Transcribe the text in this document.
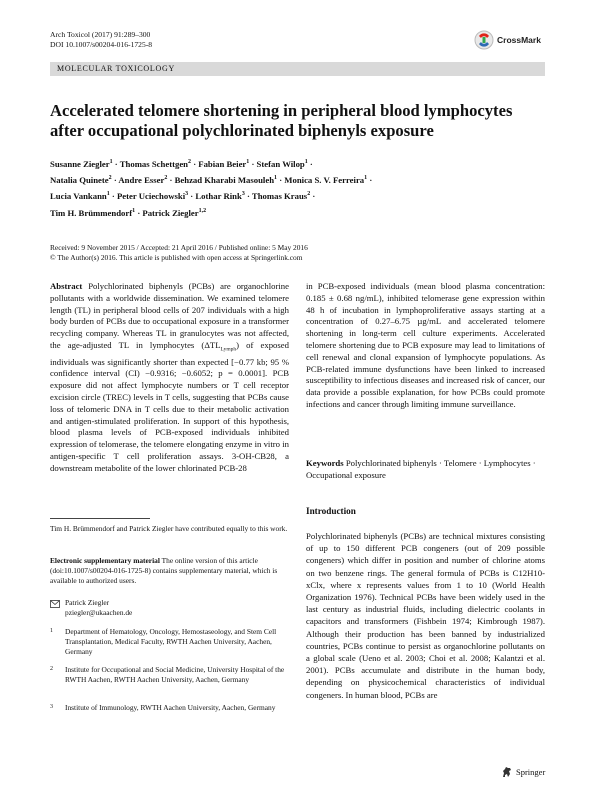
Arch Toxicol (2017) 91:289–300
DOI 10.1007/s00204-016-1725-8	CrossMark
MOLECULAR TOXICOLOGY
Accelerated telomere shortening in peripheral blood lymphocytes after occupational polychlorinated biphenyls exposure
Susanne Ziegler$^1$ · Thomas Schettgen$^2$ · Fabian Beier$^1$ · Stefan Wilop$^1$ ·
Natalia Quinete$^2$ · Andre Esser$^2$ · Behzad Kharabi Masouleh$^1$ · Monica S. V. Ferreira$^1$ ·
Lucia Vankann$^1$ · Peter Uciechowski$^3$ · Lothar Rink$^3$ · Thomas Kraus$^2$ ·
Tim H. Brümmendorf$^1$ · Patrick Ziegler$^{1,2}$
Received: 9 November 2015 / Accepted: 21 April 2016 / Published online: 5 May 2016
© The Author(s) 2016. This article is published with open access at Springerlink.com
Abstract Polychlorinated biphenyls (PCBs) are organochlorine pollutants with a worldwide dissemination. We examined telomere length (TL) in peripheral blood cells of 207 individuals with a high body burden of PCBs due to occupational exposure in a transformer recycling company. Whereas TL in granulocytes was not affected, the age-adjusted TL in lymphocytes $(\Delta TL_{Lymph})$ of exposed individuals was significantly shorter than expected [−0.77 kb; 95 % confidence interval (CI) −0.9316; −0.6052; p = 0.0001]. PCB exposure did not affect lymphocyte numbers or T cell receptor excision circle (TREC) levels in T cells, suggesting that PCBs cause loss of telomeric DNA in T cells due to their metabolic activation and antigen-stimulated proliferation. In support of this hypothesis, blood plasma levels of PCB-exposed individuals inhibited expression of telomerase, the telomere elongating enzyme in vitro in antigen-specific T cell proliferation assays. 3-OH-CB28, a downstream metabolite of the lower chlorinated PCB-28
in PCB-exposed individuals (mean blood plasma concentration: 0.185 ± 0.68 ng/mL), inhibited telomerase gene expression within 48 h of incubation in lymphoproliferative assays starting at a concentration of 0.27–6.75 µg/mL and accelerated telomere shortening in long-term cell culture experiments. Accelerated telomere shortening due to PCB exposure may lead to limitations of cell renewal and clonal expansion of lymphocyte populations. As PCB-related immune dysfunctions have been linked to increased susceptibility to infectious diseases and increased risk of cancer, our data provide a possible explanation, for how PCBs could promote infections and cancer through limiting immune surveillance.
Keywords Polychlorinated biphenyls · Telomere · Lymphocytes · Occupational exposure
Tim H. Brümmendorf and Patrick Ziegler have contributed equally to this work.
Electronic supplementary material The online version of this article (doi:10.1007/s00204-016-1725-8) contains supplementary material, which is available to authorized users.
Patrick Ziegler
pziegler@ukaachen.de
1	Department of Hematology, Oncology, Hemostaseology, and Stem Cell Transplantation, Medical Faculty, RWTH Aachen University, Aachen, Germany
2	Institute for Occupational and Social Medicine, University Hospital of the RWTH Aachen, RWTH Aachen University, Aachen, Germany
3	Institute of Immunology, RWTH Aachen University, Aachen, Germany
Introduction
Polychlorinated biphenyls (PCBs) are technical mixtures consisting of up to 150 different PCB congeners (out of 209 possible congeners) which differ in position and number of chlorine atoms on two benzene rings. The general formula of PCBs is C12H10-xClx, where x represents values from 1 to 10 (World Health Organization 1976). Technical PCBs have been widely used in the last century as industrial fluids, including dielectric coolants in capacitors and transformers (Fishbein 1974; Kimbrough 1987). Although their production has been banned by industrialized countries, PCBs continue to persist as organochlorine pollutants on a global scale (Ueno et al. 2003; Choi et al. 2008; Kalantzi et al. 2001). PCBs accumulate and distribute in the human body, depending on physicochemical characteristics of individual congeners. In human blood, PCBs are
Springer
